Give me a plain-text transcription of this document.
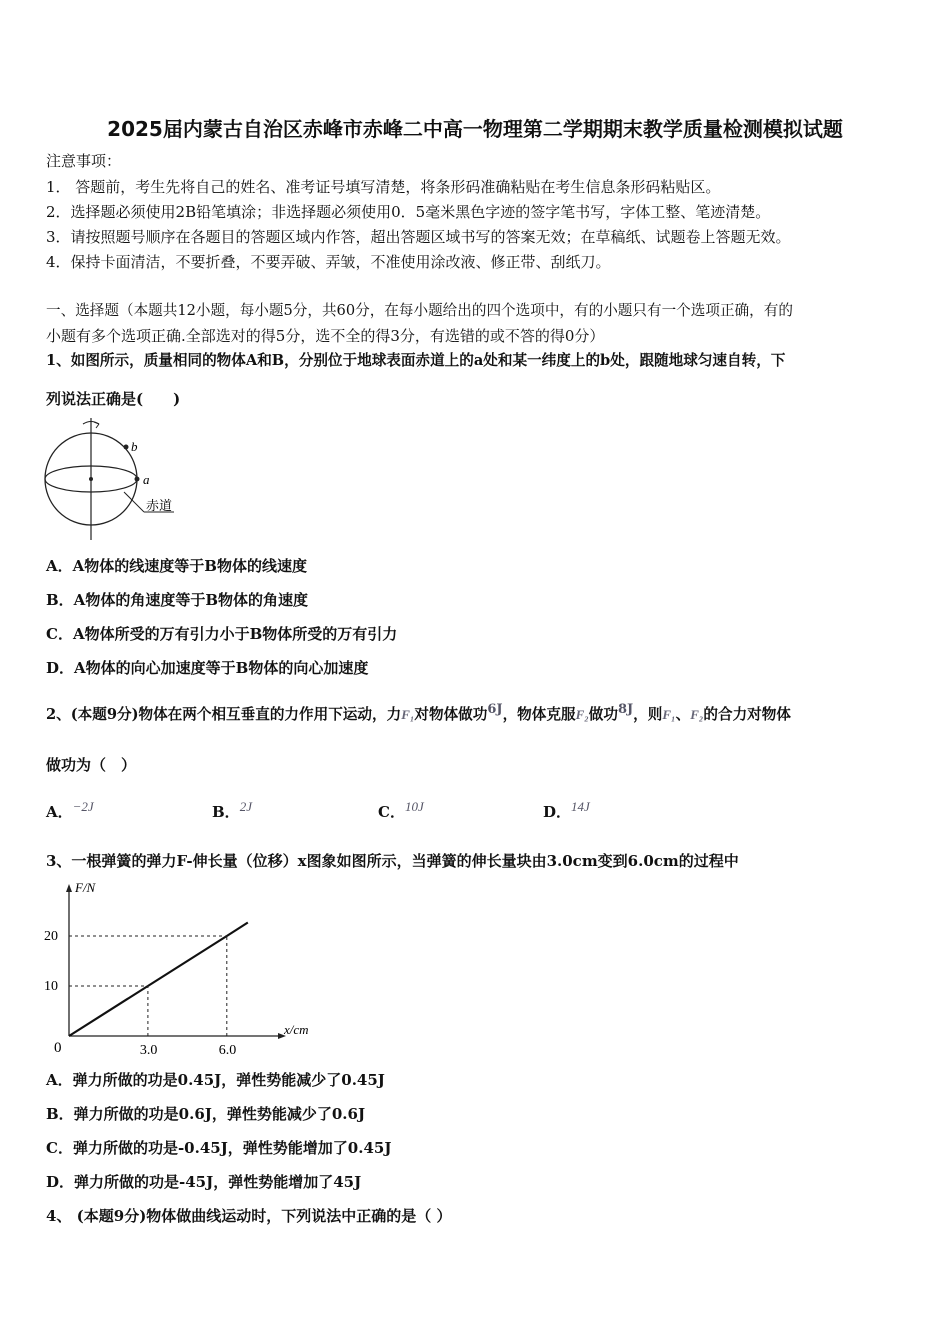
2025届内蒙古自治区赤峰市赤峰二中高一物理第二学期期末教学质量检测模拟试题
注意事项：
1． 答题前，考生先将自己的姓名、准考证号填写清楚，将条形码准确粘贴在考生信息条形码粘贴区。
2．选择题必须使用2B铅笔填涂；非选择题必须使用0．5毫米黑色字迹的签字笔书写，字体工整、笔迹清楚。
3．请按照题号顺序在各题目的答题区域内作答，超出答题区域书写的答案无效；在草稿纸、试题卷上答题无效。
4．保持卡面清洁，不要折叠，不要弄破、弄皱，不准使用涂改液、修正带、刮纸刀。
一、选择题（本题共12小题，每小题5分，共60分，在每小题给出的四个选项中，有的小题只有一个选项正确，有的
小题有多个选项正确.全部选对的得5分，选不全的得3分，有选错的或不答的得0分）
1、如图所示，质量相同的物体A和B，分别位于地球表面赤道上的a处和某一纬度上的b处，跟随地球匀速自转，下
列说法正确是(　　)
b
a
赤道
A．A物体的线速度等于B物体的线速度
B．A物体的角速度等于B物体的角速度
C．A物体所受的万有引力小于B物体所受的万有引力
D．A物体的向心加速度等于B物体的向心加速度
2、(本题9分)物体在两个相互垂直的力作用下运动，力F₁对物体做功6J，物体克服F₂做功8J，则F₁、F₂的合力对物体
做功为（　）
A．−2J	B．2J	C．10J	D．14J
3、一根弹簧的弹力F-伸长量（位移）x图象如图所示，当弹簧的伸长量块由3.0cm变到6.0cm的过程中
F/N
x/cm
0	3.0	6.0
10
20
A．弹力所做的功是0.45J，弹性势能减少了0.45J
B．弹力所做的功是0.6J，弹性势能减少了0.6J
C．弹力所做的功是-0.45J，弹性势能增加了0.45J
D．弹力所做的功是-45J，弹性势能增加了45J
4、 (本题9分)物体做曲线运动时，下列说法中正确的是（ ）
